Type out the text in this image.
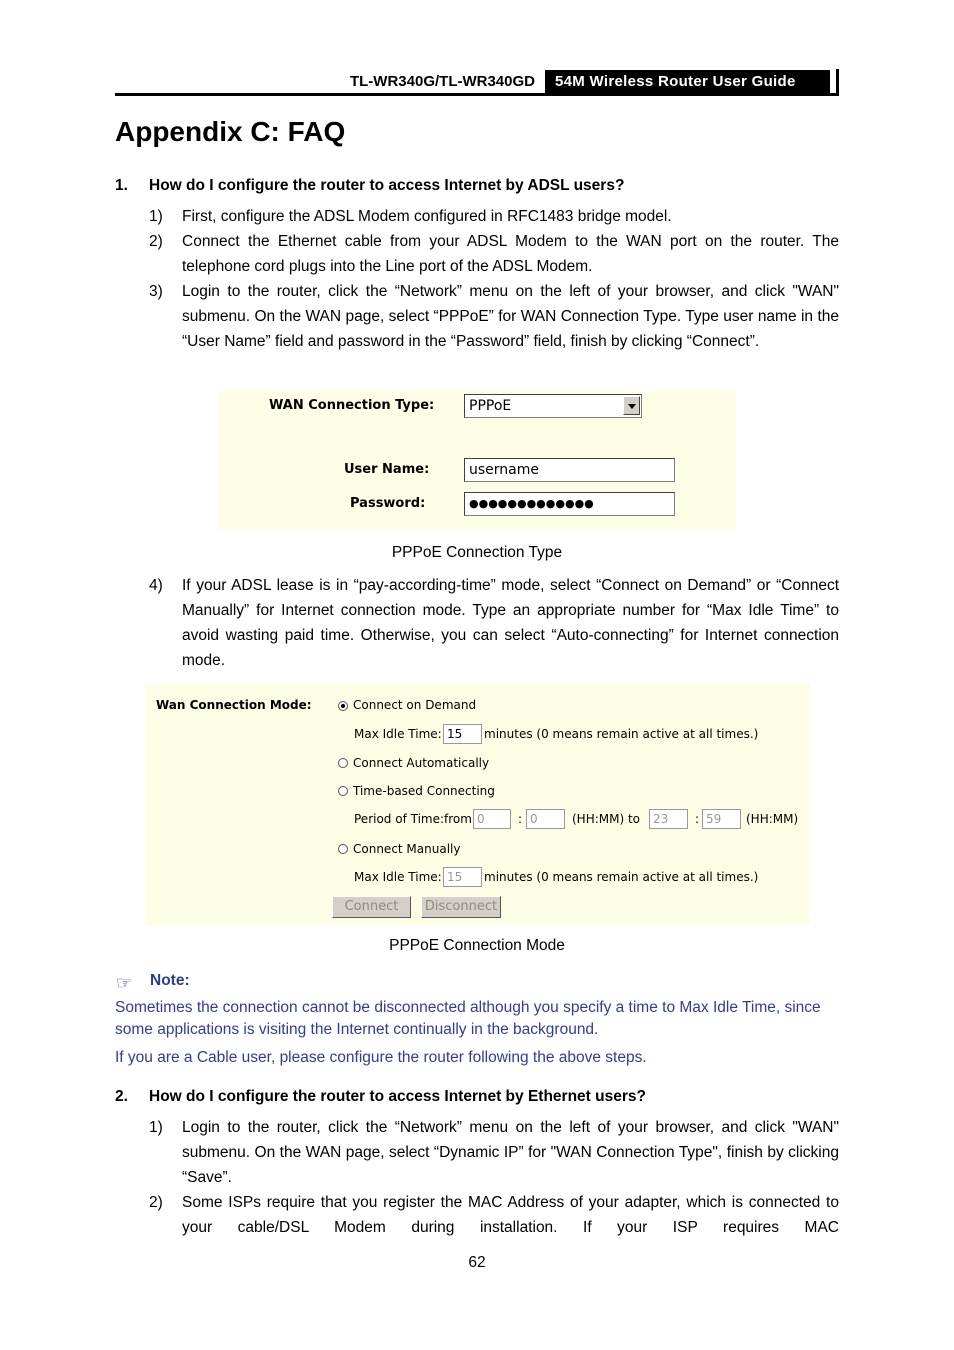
TL-WR340G/TL-WR340GD	54M Wireless Router User Guide
Appendix C: FAQ
1. How do I configure the router to access Internet by ADSL users?
1) First, configure the ADSL Modem configured in RFC1483 bridge model.
2) Connect the Ethernet cable from your ADSL Modem to the WAN port on the router. The telephone cord plugs into the Line port of the ADSL Modem.
3) Login to the router, click the “Network” menu on the left of your browser, and click "WAN" submenu. On the WAN page, select “PPPoE” for WAN Connection Type. Type user name in the “User Name” field and password in the “Password” field, finish by clicking “Connect”.
WAN Connection Type:	PPPoE
User Name:	username
Password:	●●●●●●●●●●●●●
PPPoE Connection Type
4) If your ADSL lease is in “pay-according-time” mode, select “Connect on Demand” or “Connect Manually” for Internet connection mode. Type an appropriate number for “Max Idle Time” to avoid wasting paid time. Otherwise, you can select “Auto-connecting” for Internet connection mode.
Wan Connection Mode:	Connect on Demand
Max Idle Time: 15	minutes (0 means remain active at all times.)
Connect Automatically
Time-based Connecting
Period of Time:from 0	: 0	(HH:MM) to	23	: 59	(HH:MM)
Connect Manually
Max Idle Time: 15	minutes (0 means remain active at all times.)
Connect	Disconnect
PPPoE Connection Mode
☞ Note:
Sometimes the connection cannot be disconnected although you specify a time to Max Idle Time, since some applications is visiting the Internet continually in the background.
If you are a Cable user, please configure the router following the above steps.
2. How do I configure the router to access Internet by Ethernet users?
1) Login to the router, click the “Network” menu on the left of your browser, and click "WAN" submenu. On the WAN page, select “Dynamic IP” for "WAN Connection Type", finish by clicking “Save”.
2) Some ISPs require that you register the MAC Address of your adapter, which is connected to your cable/DSL Modem during installation. If your ISP requires MAC
62
